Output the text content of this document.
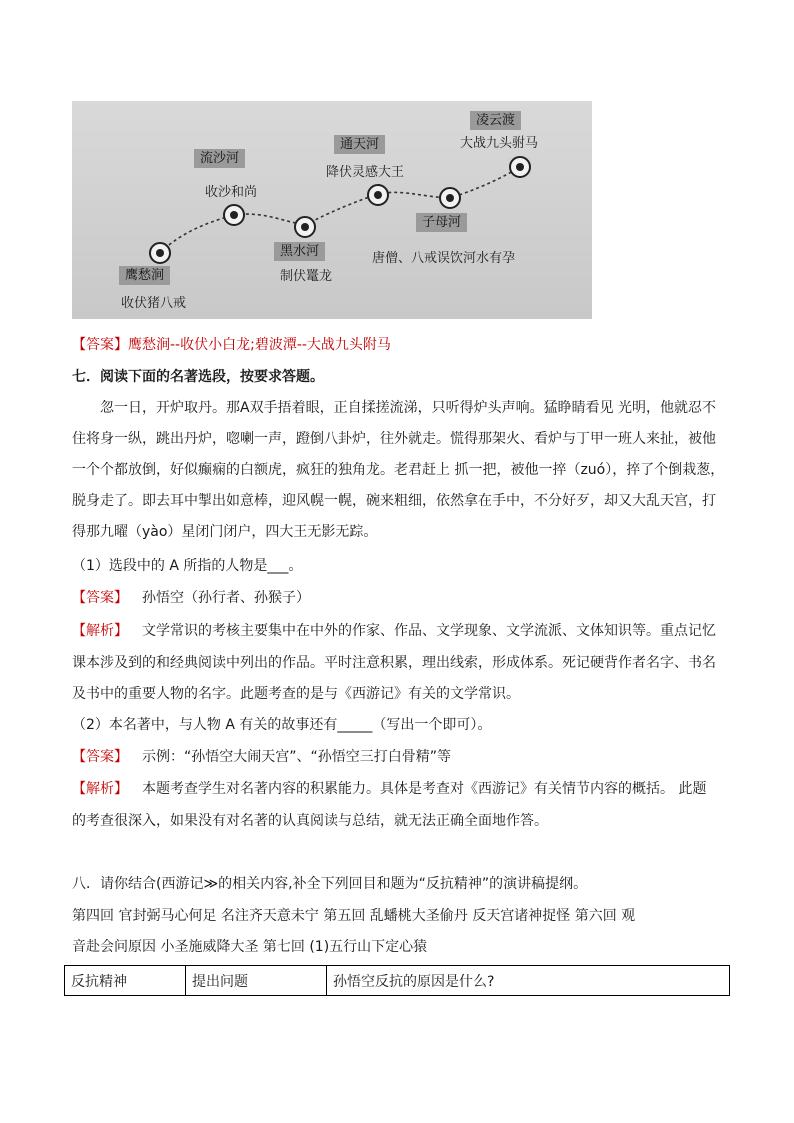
鹰愁涧
收伏猪八戒
流沙河
收沙和尚
黑水河
制伏鼍龙
通天河
降伏灵感大王
子母河
唐僧、八戒误饮河水有孕
凌云渡
大战九头驸马
【答案】鹰愁涧--收伏小白龙;碧波潭--大战九头附马
七．阅读下面的名著选段，按要求答题。
忽一日，开炉取丹。那A双手捂着眼，正自揉搓流涕，只听得炉头声响。猛睁睛看见 光明，他就忍不
住将身一纵，跳出丹炉，唿喇一声，蹬倒八卦炉，往外就走。慌得那架火、看炉与丁甲一班人来扯，被他
一个个都放倒，好似癫痫的白额虎，疯狂的独角龙。老君赶上 抓一把，被他一捽（zuó），捽了个倒栽葱，
脱身走了。即去耳中掣出如意棒，迎风幌一幌，碗来粗细，依然拿在手中，不分好歹，却又大乱天宫，打
得那九曜（yào）星闭门闭户，四大王无影无踪。
（1）选段中的 A 所指的人物是___。
【答案】 孙悟空（孙行者、孙猴子）
【解析】 文学常识的考核主要集中在中外的作家、作品、文学现象、文学流派、文体知识等。重点记忆
课本涉及到的和经典阅读中列出的作品。平时注意积累，理出线索，形成体系。死记硬背作者名字、书名
及书中的重要人物的名字。此题考查的是与《西游记》有关的文学常识。
（2）本名著中，与人物 A 有关的故事还有_____（写出一个即可）。
【答案】 示例：“孙悟空大闹天宫”、“孙悟空三打白骨精”等
【解析】 本题考查学生对名著内容的积累能力。具体是考查对《西游记》有关情节内容的概括。 此题
的考查很深入，如果没有对名著的认真阅读与总结，就无法正确全面地作答。
八．请你结合(西游记≫的相关内容,补全下列回目和题为“反抗精神”的演讲稿提纲。
第四回 官封弼马心何足 名注齐天意未宁 第五回 乱蟠桃大圣偷丹 反天宫诸神捉怪 第六回 观
音赴会问原因 小圣施威降大圣 第七回 (1)五行山下定心猿
反抗精神	提出问题	孙悟空反抗的原因是什么?
